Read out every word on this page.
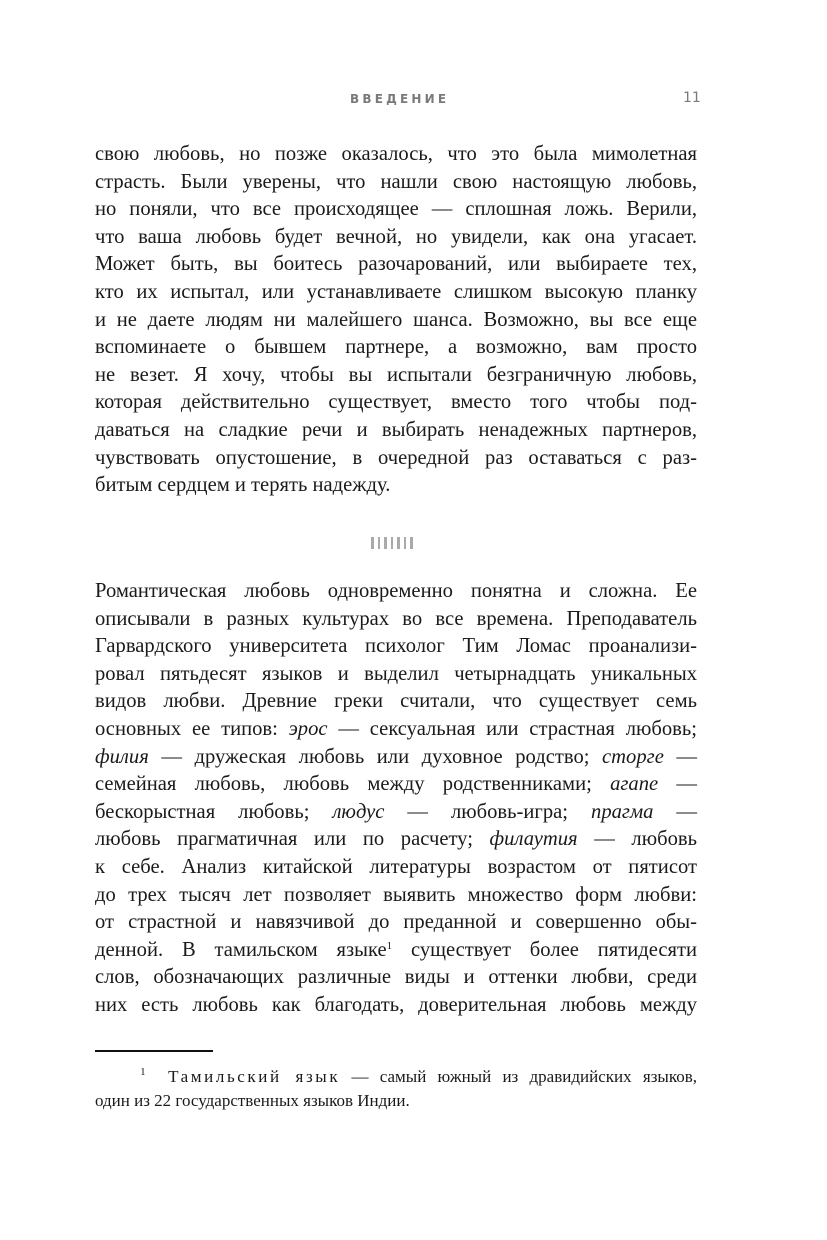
ВВЕДЕНИЕ	11
свою любовь, но позже оказалось, что это была мимолетная
страсть. Были уверены, что нашли свою настоящую любовь,
но поняли, что все происходящее — сплошная ложь. Верили,
что ваша любовь будет вечной, но увидели, как она угасает.
Может быть, вы боитесь разочарований, или выбираете тех,
кто их испытал, или устанавливаете слишком высокую планку
и не даете людям ни малейшего шанса. Возможно, вы все еще
вспоминаете о бывшем партнере, а возможно, вам просто
не везет. Я хочу, чтобы вы испытали безграничную любовь,
которая действительно существует, вместо того чтобы под-
даваться на сладкие речи и выбирать ненадежных партнеров,
чувствовать опустошение, в очередной раз оставаться с раз-
битым сердцем и терять надежду.
Романтическая любовь одновременно понятна и сложна. Ее
описывали в разных культурах во все времена. Преподаватель
Гарвардского университета психолог Тим Ломас проанализи-
ровал пятьдесят языков и выделил четырнадцать уникальных
видов любви. Древние греки считали, что существует семь
основных ее типов: эрос — сексуальная или страстная любовь;
филия — дружеская любовь или духовное родство; сторге —
семейная любовь, любовь между родственниками; агапе —
бескорыстная любовь; людус — любовь-игра; прагма —
любовь прагматичная или по расчету; филаутия — любовь
к себе. Анализ китайской литературы возрастом от пятисот
до трех тысяч лет позволяет выявить множество форм любви:
от страстной и навязчивой до преданной и совершенно обы-
денной. В тамильском языке$^1$ существует более пятидесяти
слов, обозначающих различные виды и оттенки любви, среди
них есть любовь как благодать, доверительная любовь между
$^1$ Тамильский язык — самый южный из дравидийских языков,
один из 22 государственных языков Индии.
